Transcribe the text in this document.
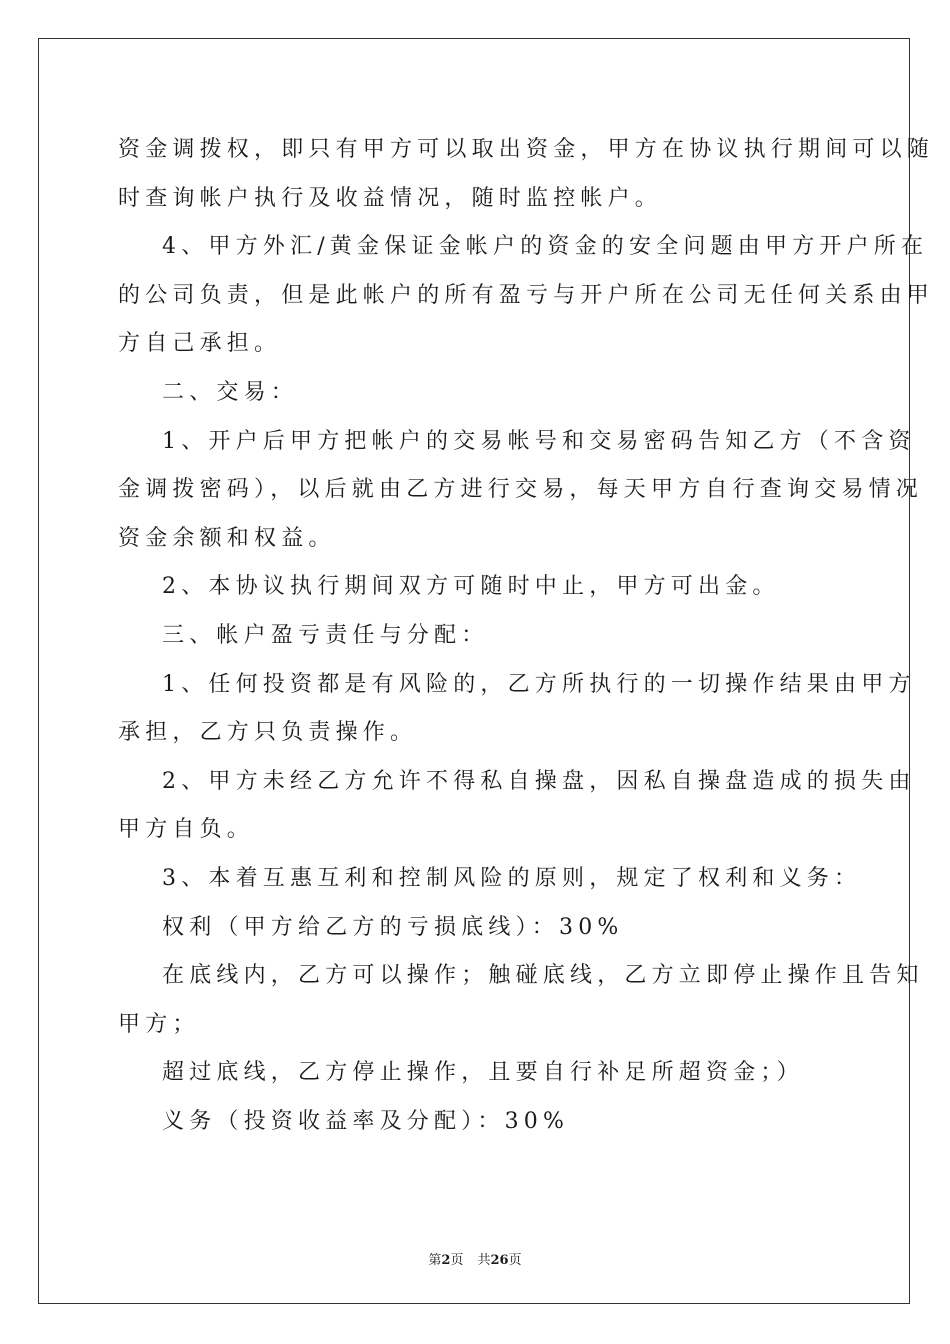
资金调拨权，即只有甲方可以取出资金，甲方在协议执行期间可以随
时查询帐户执行及收益情况，随时监控帐户。
4、甲方外汇/黄金保证金帐户的资金的安全问题由甲方开户所在
的公司负责，但是此帐户的所有盈亏与开户所在公司无任何关系由甲
方自己承担。
二、交易：
1、开户后甲方把帐户的交易帐号和交易密码告知乙方（不含资
金调拨密码），以后就由乙方进行交易，每天甲方自行查询交易情况
资金余额和权益。
2、本协议执行期间双方可随时中止，甲方可出金。
三、帐户盈亏责任与分配：
1、任何投资都是有风险的，乙方所执行的一切操作结果由甲方
承担，乙方只负责操作。
2、甲方未经乙方允许不得私自操盘，因私自操盘造成的损失由
甲方自负。
3、本着互惠互利和控制风险的原则，规定了权利和义务：
权利（甲方给乙方的亏损底线）：30%
在底线内，乙方可以操作；触碰底线，乙方立即停止操作且告知
甲方；
超过底线，乙方停止操作，且要自行补足所超资金；）
义务（投资收益率及分配）：30%
第2页 共26页
